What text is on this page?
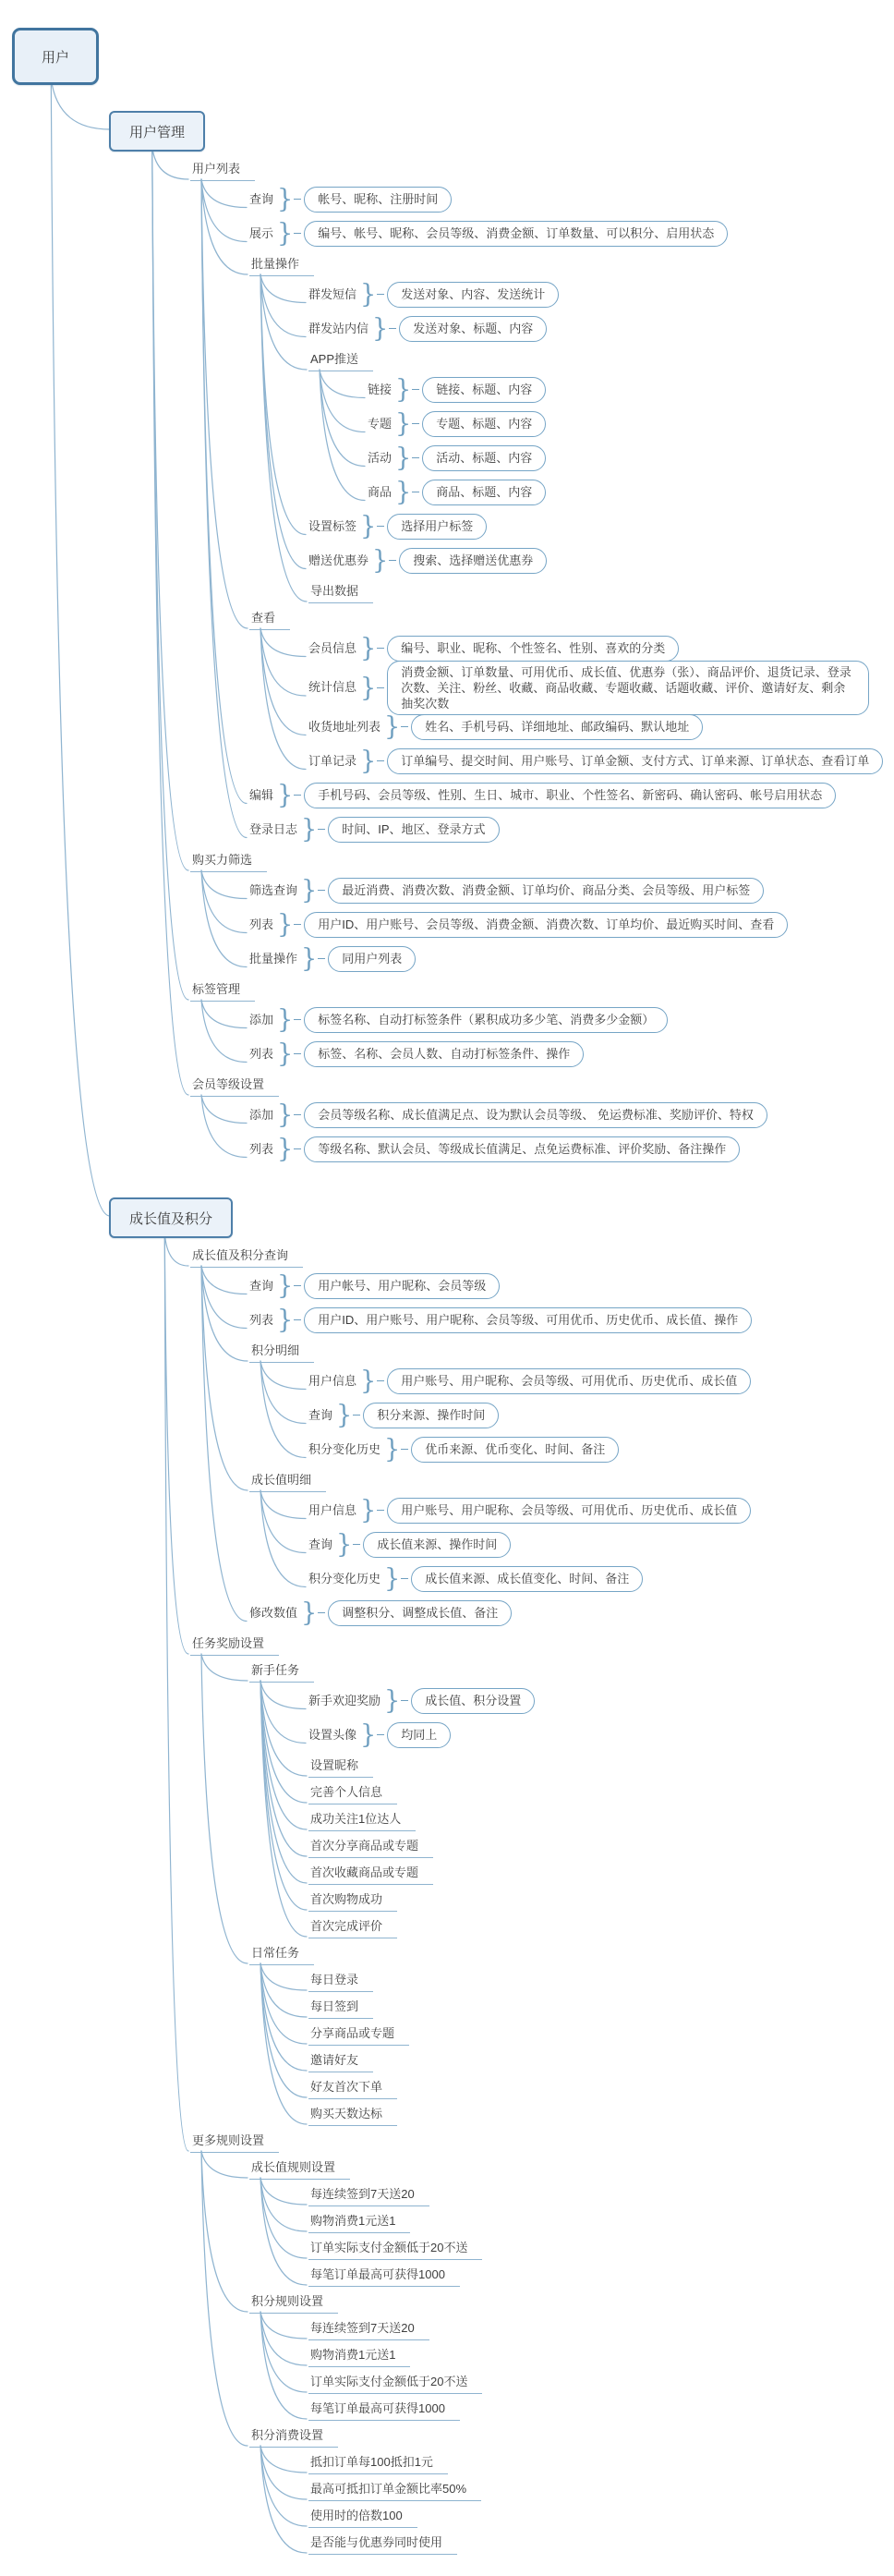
用户
用户管理
用户列表
查询 }	帐号、昵称、注册时间
展示 }	编号、帐号、昵称、会员等级、消费金额、订单数量、可以积分、启用状态
批量操作
群发短信 }	发送对象、内容、发送统计
群发站内信 }	发送对象、标题、内容
APP推送
链接 }	链接、标题、内容
专题 }	专题、标题、内容
活动 }	活动、标题、内容
商品 }	商品、标题、内容
设置标签 }	选择用户标签
赠送优惠券 }	搜索、选择赠送优惠券
导出数据
查看
会员信息 }	编号、职业、昵称、个性签名、性别、喜欢的分类
统计信息 }
消费金额、订单数量、可用优币、成长值、优惠券（张）、商品评价、退货记录、登录次数、关注、粉丝、收藏、商品收藏、专题收藏、话题收藏、评价、邀请好友、剩余抽奖次数
收货地址列表 }	姓名、手机号码、详细地址、邮政编码、默认地址
订单记录 }	订单编号、提交时间、用户账号、订单金额、支付方式、订单来源、订单状态、查看订单
编辑 }	手机号码、会员等级、性别、生日、城市、职业、个性签名、新密码、确认密码、帐号启用状态
登录日志 }	时间、IP、地区、登录方式
购买力筛选
筛选查询 }	最近消费、消费次数、消费金额、订单均价、商品分类、会员等级、用户标签
列表 }	用户ID、用户账号、会员等级、消费金额、消费次数、订单均价、最近购买时间、查看
批量操作 }	同用户列表
标签管理
添加 }	标签名称、自动打标签条件（累积成功多少笔、消费多少金额）
列表 }	标签、名称、会员人数、自动打标签条件、操作
会员等级设置
添加 }	会员等级名称、成长值满足点、设为默认会员等级、 免运费标准、奖励评价、特权
列表 }	等级名称、默认会员、等级成长值满足、点免运费标准、评价奖励、备注操作
成长值及积分
成长值及积分查询
查询 }	用户帐号、用户昵称、会员等级
列表 }	用户ID、用户账号、用户昵称、会员等级、可用优币、历史优币、成长值、操作
积分明细
用户信息 }	用户账号、用户昵称、会员等级、可用优币、历史优币、成长值
查询 }	积分来源、操作时间
积分变化历史 }	优币来源、优币变化、时间、备注
成长值明细
用户信息 }	用户账号、用户昵称、会员等级、可用优币、历史优币、成长值
查询 }	成长值来源、操作时间
积分变化历史 }	成长值来源、成长值变化、时间、备注
修改数值 }	调整积分、调整成长值、备注
任务奖励设置
新手任务
新手欢迎奖励 }	成长值、积分设置
设置头像 }	均同上
设置昵称
完善个人信息
成功关注1位达人
首次分享商品或专题
首次收藏商品或专题
首次购物成功
首次完成评价
日常任务
每日登录
每日签到
分享商品或专题
邀请好友
好友首次下单
购买天数达标
更多规则设置
成长值规则设置
每连续签到7天送20
购物消费1元送1
订单实际支付金额低于20不送
每笔订单最高可获得1000
积分规则设置
每连续签到7天送20
购物消费1元送1
订单实际支付金额低于20不送
每笔订单最高可获得1000
积分消费设置
抵扣订单每100抵扣1元
最高可抵扣订单金额比率50%
使用时的倍数100
是否能与优惠券同时使用
